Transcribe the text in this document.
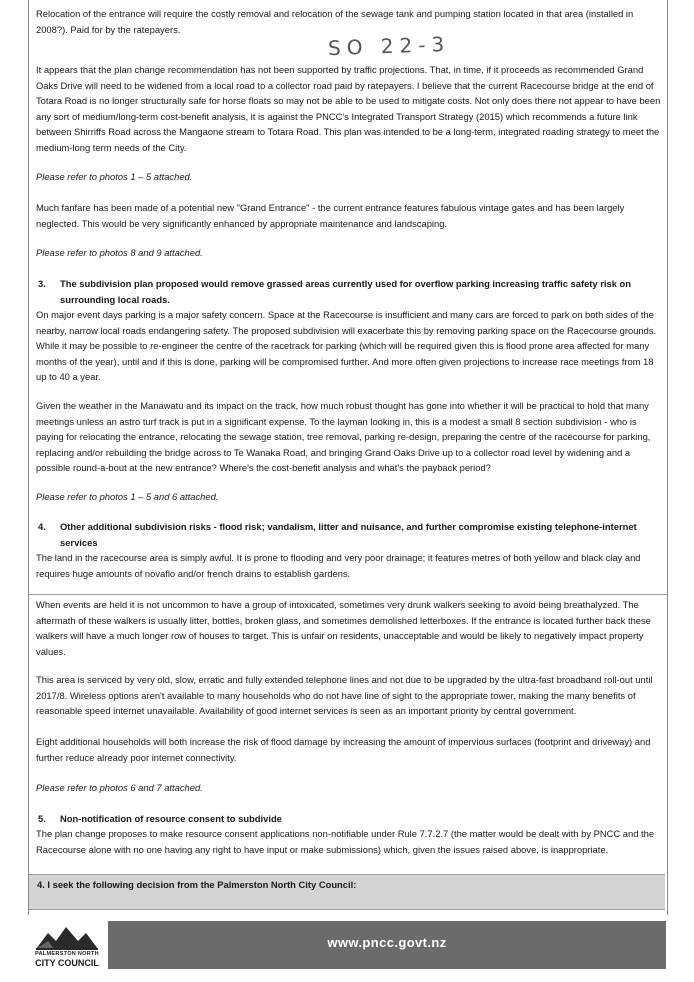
SO 22-3

Relocation of the entrance will require the costly removal and relocation of the sewage tank and pumping station located in that area (installed in 2008?). Paid for by the ratepayers.

It appears that the plan change recommendation has not been supported by traffic projections. That, in time, if it proceeds as recommended Grand Oaks Drive will need to be widened from a local road to a collector road paid by ratepayers. I believe that the current Racecourse bridge at the end of Totara Road is no longer structurally safe for horse floats so may not be able to be used to mitigate costs. Not only does there not appear to have been any sort of medium/long-term cost-benefit analysis, it is against the PNCC's Integrated Transport Strategy (2015) which recommends a future link between Shirriffs Road across the Mangaone stream to Totara Road. This plan was intended to be a long-term, integrated roading strategy to meet the medium-long term needs of the City.

Please refer to photos 1 – 5 attached.

Much fanfare has been made of a potential new "Grand Entrance" - the current entrance features fabulous vintage gates and has been largely neglected. This would be very significantly enhanced by appropriate maintenance and landscaping.

Please refer to photos 8 and 9 attached.

3. The subdivision plan proposed would remove grassed areas currently used for overflow parking increasing traffic safety risk on
surrounding local roads.

On major event days parking is a major safety concern. Space at the Racecourse is insufficient and many cars are forced to park on both sides of the nearby, narrow local roads endangering safety. The proposed subdivision will exacerbate this by removing parking space on the Racecourse grounds. While it may be possible to re-engineer the centre of the racetrack for parking (which will be required given this is flood prone area affected for many months of the year), until and if this is done, parking will be compromised further. And more often given projections to increase race meetings from 18 up to 40 a year.

Given the weather in the Manawatu and its impact on the track, how much robust thought has gone into whether it will be practical to hold that many meetings unless an astro turf track is put in a significant expense. To the layman looking in, this is a modest a small 8 section subdivision - who is paying for relocating the entrance, relocating the sewage station, tree removal, parking re-design, preparing the centre of the racecourse for parking, replacing and/or rebuilding the bridge across to Te Wanaka Road, and bringing Grand Oaks Drive up to a collector road level by widening and a possible round-a-bout at the new entrance? Where's the cost-benefit analysis and what's the payback period?

Please refer to photos 1 – 5 and 6 attached.

4. Other additional subdivision risks - flood risk; vandalism, litter and nuisance, and further compromise existing telephone-internet
services

The land in the racecourse area is simply awful. It is prone to flooding and very poor drainage; it features metres of both yellow and black clay and requires huge amounts of novaflo and/or french drains to establish gardens.

When events are held it is not uncommon to have a group of intoxicated, sometimes very drunk walkers seeking to avoid being breathalyzed. The aftermath of these walkers is usually litter, bottles, broken glass, and sometimes demolished letterboxes. If the entrance is located further back these walkers will have a much longer row of houses to target. This is unfair on residents, unacceptable and would be likely to negatively impact property values.

This area is serviced by very old, slow, erratic and fully extended telephone lines and not due to be upgraded by the ultra-fast broadband roll-out until 2017/8. Wireless options aren't available to many households who do not have line of sight to the appropriate tower, making the many benefits of reasonable speed internet unavailable. Availability of good internet services is seen as an important priority by central government.

Eight additional households will both increase the risk of flood damage by increasing the amount of impervious surfaces (footprint and driveway) and further reduce already poor internet connectivity.

Please refer to photos 6 and 7 attached.

5. Non-notification of resource consent to subdivide

The plan change proposes to make resource consent applications non-notifiable under Rule 7.7.2.7 (the matter would be dealt with by PNCC and the Racecourse alone with no one having any right to have input or make submissions) which, given the issues raised above, is inappropriate.

4. I seek the following decision from the Palmerston North City Council:
PALMERSTON NORTH
CITY COUNCIL
www.pncc.govt.nz
